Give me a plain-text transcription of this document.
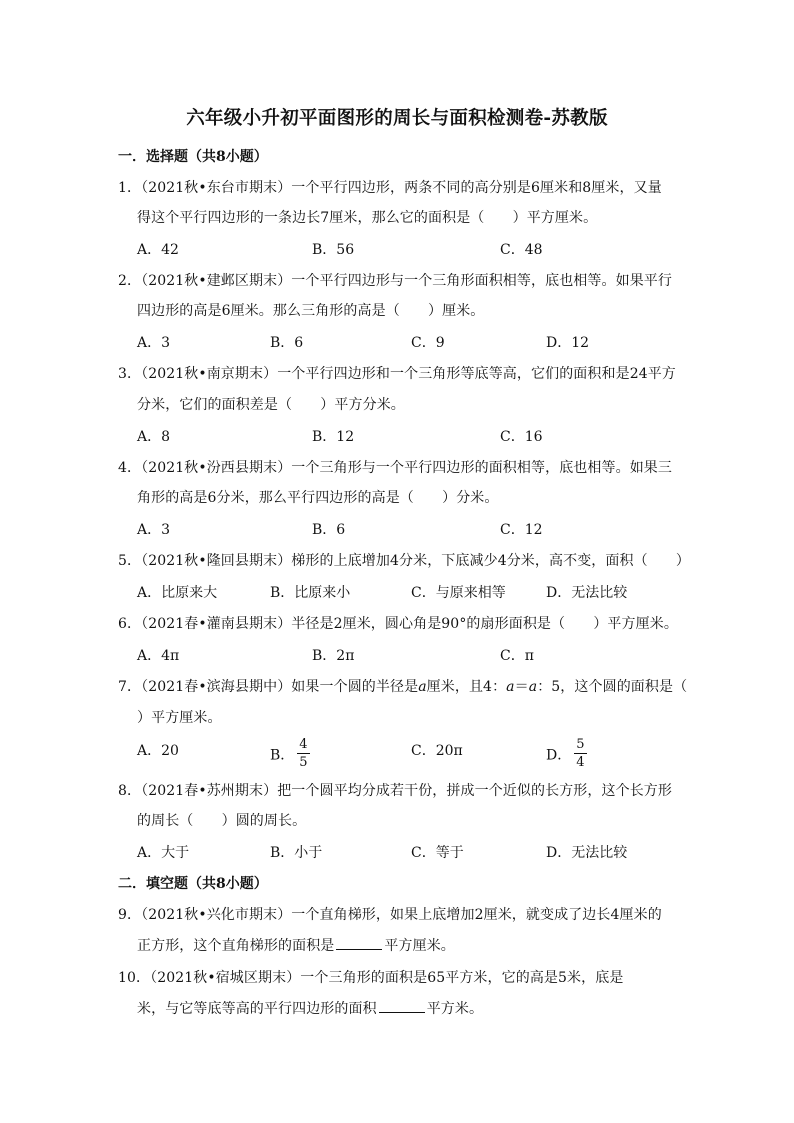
六年级小升初平面图形的周长与面积检测卷-苏教版
一．选择题（共8小题）
1．（2021秋•东台市期末）一个平行四边形，两条不同的高分别是6厘米和8厘米，又量
得这个平行四边形的一条边长7厘米，那么它的面积是（　　）平方厘米。
A．42	B．56	C．48
2．（2021秋•建邺区期末）一个平行四边形与一个三角形面积相等，底也相等。如果平行
四边形的高是6厘米。那么三角形的高是（　　）厘米。
A．3	B．6	C．9	D．12
3．（2021秋•南京期末）一个平行四边形和一个三角形等底等高，它们的面积和是24平方
分米，它们的面积差是（　　）平方分米。
A．8	B．12	C．16
4．（2021秋•汾西县期末）一个三角形与一个平行四边形的面积相等，底也相等。如果三
角形的高是6分米，那么平行四边形的高是（　　）分米。
A．3	B．6	C．12
5．（2021秋•隆回县期末）梯形的上底增加4分米，下底减少4分米，高不变，面积（　　）
A．比原来大	B．比原来小	C．与原来相等	D．无法比较
6．（2021春•灌南县期末）半径是2厘米，圆心角是90°的扇形面积是（　　）平方厘米。
A．4π	B．2π	C．π
7．（2021春•滨海县期中）如果一个圆的半径是a厘米，且4：a＝a：5，这个圆的面积是（
）平方厘米。
A．20	B． $\frac{4}{5}$	C．20π	D． $\frac{5}{4}$
8．（2021春•苏州期末）把一个圆平均分成若干份，拼成一个近似的长方形，这个长方形
的周长（　　）圆的周长。
A．大于	B．小于	C．等于	D．无法比较
二．填空题（共8小题）
9．（2021秋•兴化市期末）一个直角梯形，如果上底增加2厘米，就变成了边长4厘米的
正方形，这个直角梯形的面积是	平方厘米。
10．（2021秋•宿城区期末）一个三角形的面积是65平方米，它的高是5米，底是
米，与它等底等高的平行四边形的面积	平方米。
